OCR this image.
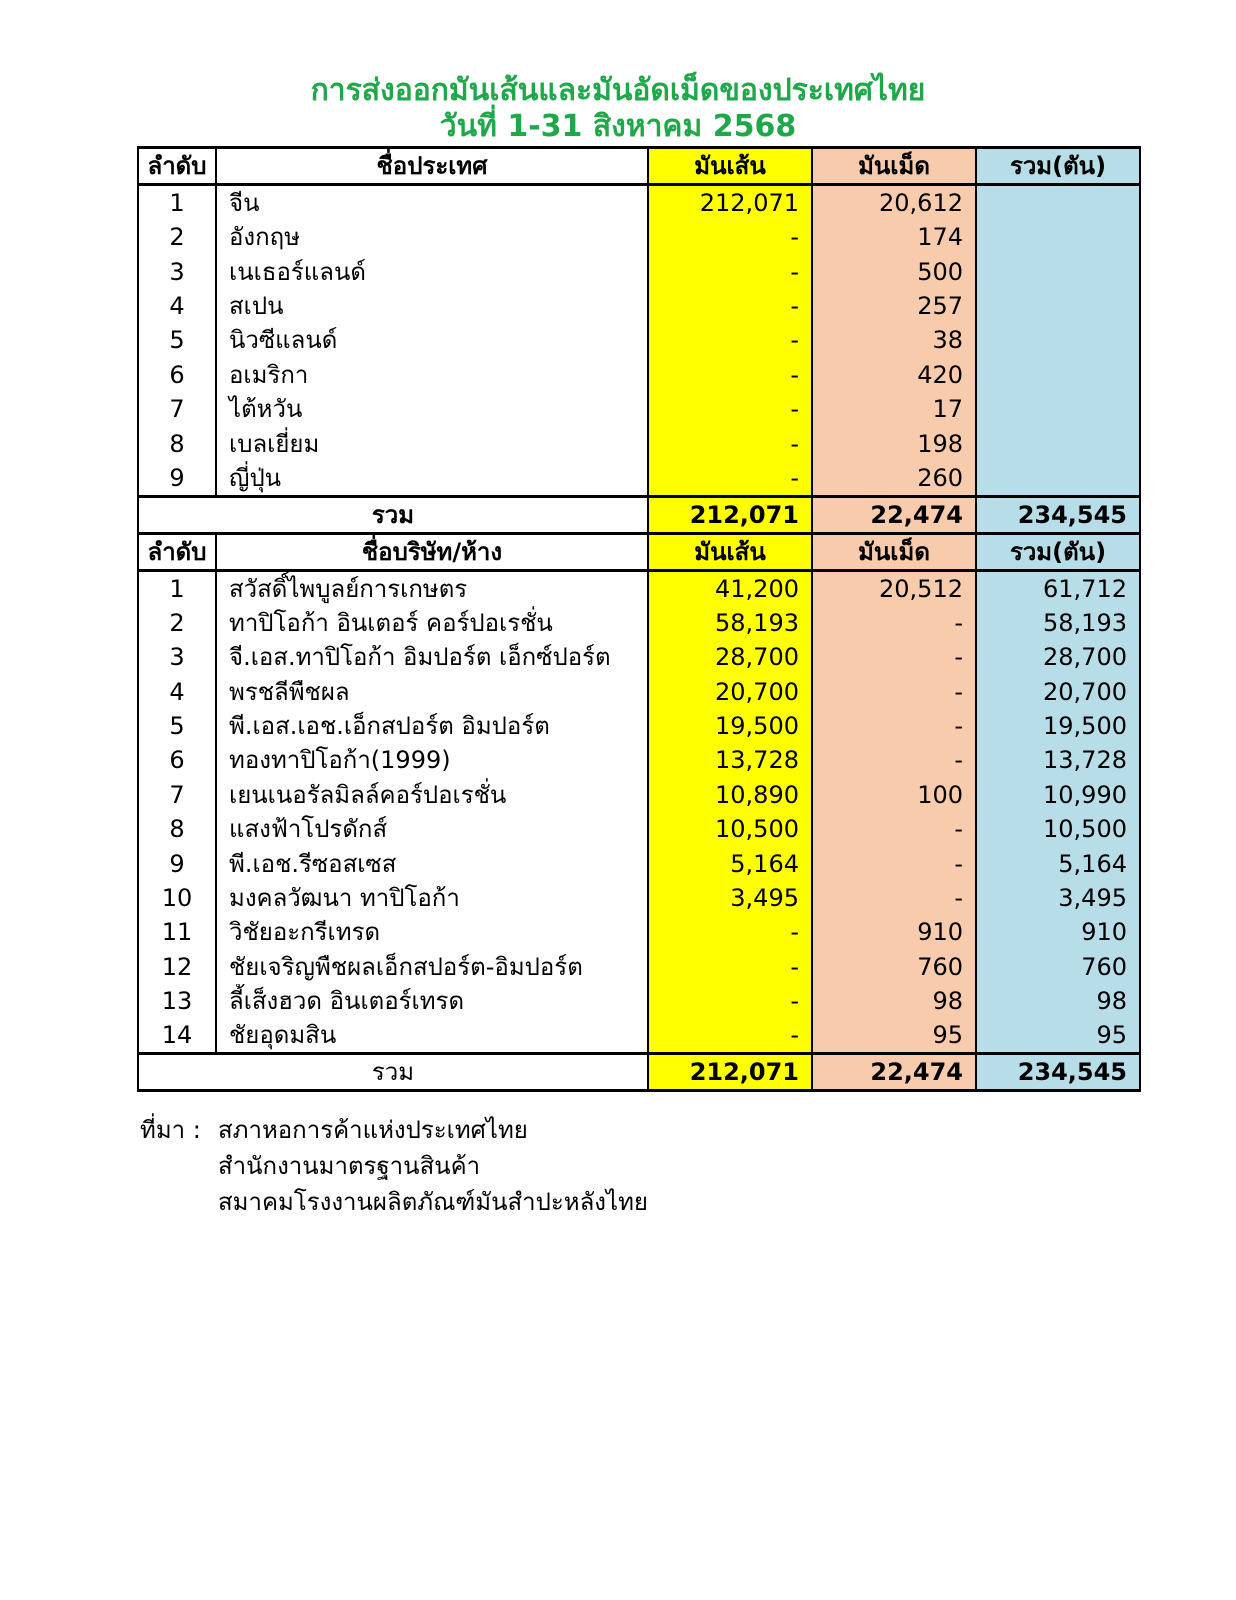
การส่งออกมันเส้นและมันอัดเม็ดของประเทศไทย
วันที่ 1-31 สิงหาคม 2568
ลำดับ	ชื่อประเทศ	มันเส้น	มันเม็ด	รวม(ตัน)
1	จีน	212,071	20,612	
2	อังกฤษ	-	174	
3	เนเธอร์แลนด์	-	500	
4	สเปน	-	257	
5	นิวซีแลนด์	-	38	
6	อเมริกา	-	420	
7	ไต้หวัน	-	17	
8	เบลเยี่ยม	-	198	
9	ญี่ปุ่น	-	260	
รวม		212,071	22,474	234,545
ลำดับ	ชื่อบริษัท/ห้าง	มันเส้น	มันเม็ด	รวม(ตัน)
1	สวัสดิ์ไพบูลย์การเกษตร	41,200	20,512	61,712
2	ทาปิโอก้า อินเตอร์ คอร์ปอเรชั่น	58,193	-	58,193
3	จี.เอส.ทาปิโอก้า อิมปอร์ต เอ็กซ์ปอร์ต	28,700	-	28,700
4	พรชลีพืชผล	20,700	-	20,700
5	พี.เอส.เอช.เอ็กสปอร์ต อิมปอร์ต	19,500	-	19,500
6	ทองทาปิโอก้า(1999)	13,728	-	13,728
7	เยนเนอรัลมิลล์คอร์ปอเรชั่น	10,890	100	10,990
8	แสงฟ้าโปรดักส์	10,500	-	10,500
9	พี.เอช.รีซอสเซส	5,164	-	5,164
10	มงคลวัฒนา ทาปิโอก้า	3,495	-	3,495
11	วิชัยอะกรีเทรด	-	910	910
12	ชัยเจริญพืชผลเอ็กสปอร์ต-อิมปอร์ต	-	760	760
13	ลี้เส็งฮวด อินเตอร์เทรด	-	98	98
14	ชัยอุดมสิน	-	95	95
รวม		212,071	22,474	234,545
ที่มา : สภาหอการค้าแห่งประเทศไทย
สำนักงานมาตรฐานสินค้า
สมาคมโรงงานผลิตภัณฑ์มันสำปะหลังไทย
